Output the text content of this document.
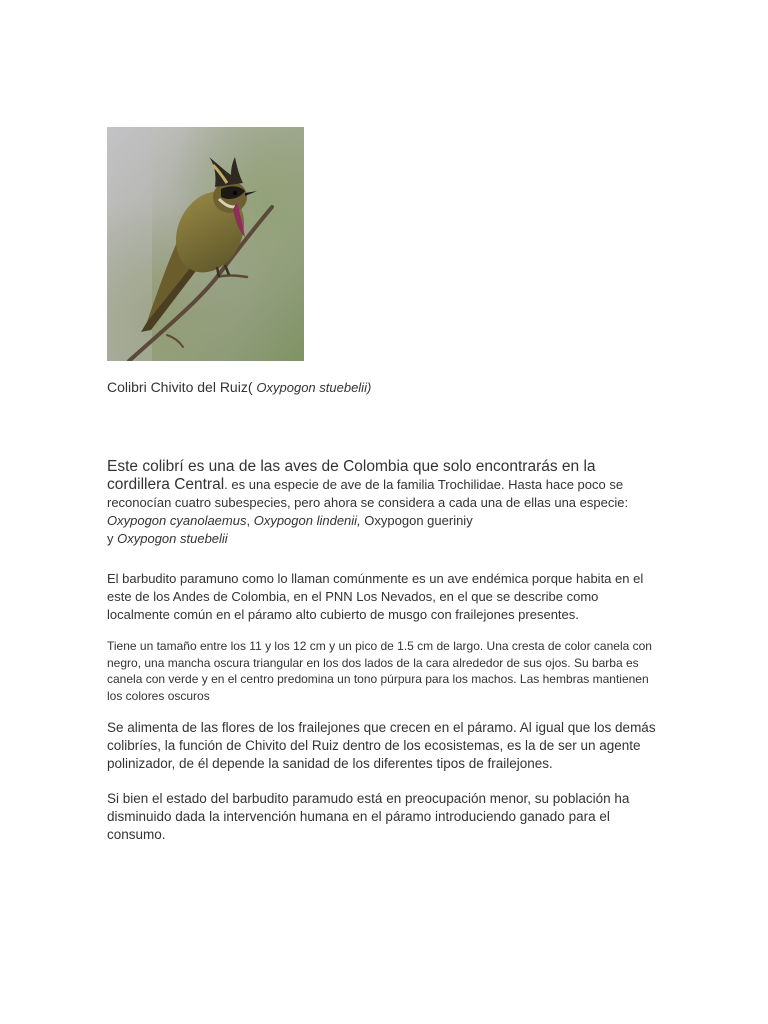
Colibri Chivito del Ruiz( Oxypogon stuebelii)

Este colibrí es una de las aves de Colombia que solo encontrarás en la cordillera Central. es una especie de ave de la familia Trochilidae. Hasta hace poco se reconocían cuatro subespecies, pero ahora se considera a cada una de ellas una especie: Oxypogon cyanolaemus, Oxypogon lindenii, Oxypogon gueriniy
y Oxypogon stuebelii

El barbudito paramuno como lo llaman comúnmente es un ave endémica porque habita en el este de los Andes de Colombia, en el PNN Los Nevados, en el que se describe como localmente común en el páramo alto cubierto de musgo con frailejones presentes.

Tiene un tamaño entre los 11 y los 12 cm y un pico de 1.5 cm de largo. Una cresta de color canela con negro, una mancha oscura triangular en los dos lados de la cara alrededor de sus ojos. Su barba es canela con verde y en el centro predomina un tono púrpura para los machos. Las hembras mantienen los colores oscuros

Se alimenta de las flores de los frailejones que crecen en el páramo. Al igual que los demás colibríes, la función de Chivito del Ruiz dentro de los ecosistemas, es la de ser un agente polinizador, de él depende la sanidad de los diferentes tipos de frailejones.

Si bien el estado del barbudito paramudo está en preocupación menor, su población ha disminuido dada la intervención humana en el páramo introduciendo ganado para el consumo.
